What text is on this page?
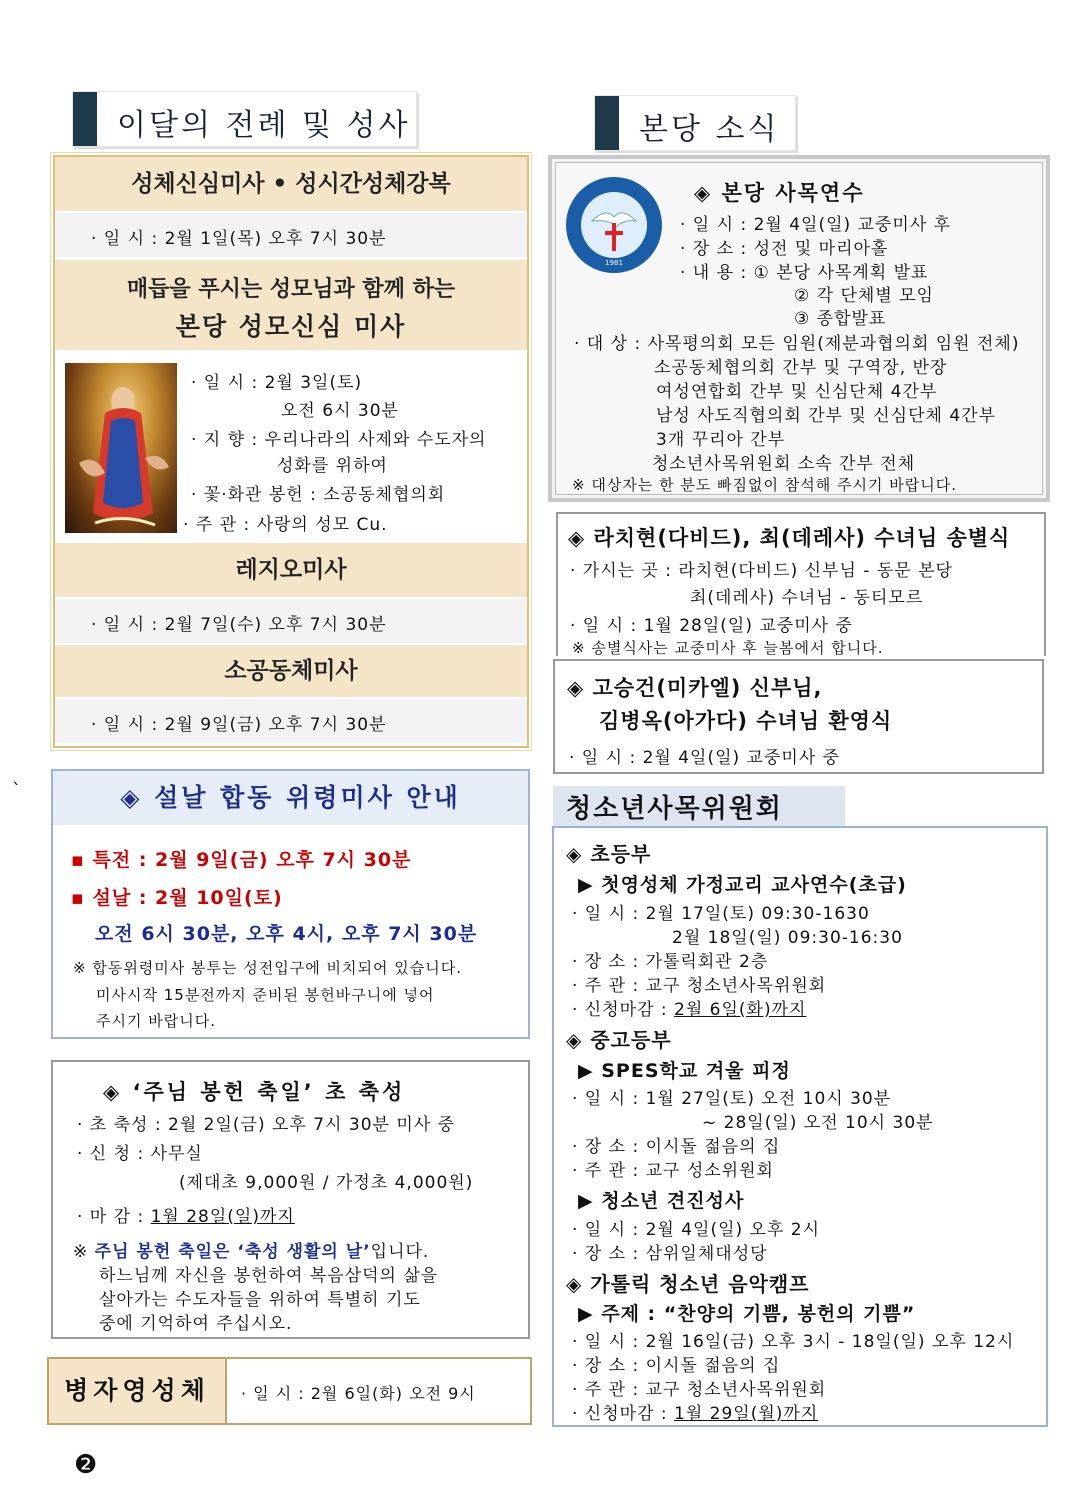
이달의 전례 및 성사
성체신심미사 • 성시간성체강복
· 일 시 : 2월 1일(목) 오후 7시 30분
매듭을 푸시는 성모님과 함께 하는
본당 성모신심 미사
· 일 시 : 2월 3일(토)
오전 6시 30분
· 지 향 : 우리나라의 사제와 수도자의
성화를 위하여
· 꽃·화관 봉헌 : 소공동체협의회
· 주 관 : 사랑의 성모 Cu.
레지오미사
· 일 시 : 2월 7일(수) 오후 7시 30분
소공동체미사
· 일 시 : 2월 9일(금) 오후 7시 30분
`	◈ 설날 합동 위령미사 안내
▪ 특전 : 2월 9일(금) 오후 7시 30분
▪ 설날 : 2월 10일(토)
오전 6시 30분, 오후 4시, 오후 7시 30분
※ 합동위령미사 봉투는 성전입구에 비치되어 있습니다.
미사시작 15분전까지 준비된 봉헌바구니에 넣어
주시기 바랍니다.
◈ ‘주님 봉헌 축일’ 초 축성
· 초 축성 : 2월 2일(금) 오후 7시 30분 미사 중
· 신 청 : 사무실
(제대초 9,000원 / 가정초 4,000원)
· 마 감 : 1월 28일(일)까지
※ 주님 봉헌 축일은 ‘축성 생활의 날’입니다.
하느님께 자신을 봉헌하여 복음삼덕의 삶을
살아가는 수도자들을 위하여 특별히 기도
중에 기억하여 주십시오.
병자영성체	· 일 시 : 2월 6일(화) 오전 9시
❷
본당 소식
1981
◈ 본당 사목연수
· 일 시 : 2월 4일(일) 교중미사 후
· 장 소 : 성전 및 마리아홀
· 내 용 : ① 본당 사목계획 발표
② 각 단체별 모임
③ 종합발표
· 대 상 : 사목평의회 모든 임원(제분과협의회 임원 전체)
소공동체협의회 간부 및 구역장, 반장
여성연합회 간부 및 신심단체 4간부
남성 사도직협의회 간부 및 신심단체 4간부
3개 꾸리아 간부
청소년사목위원회 소속 간부 전체
※ 대상자는 한 분도 빠짐없이 참석해 주시기 바랍니다.
◈ 라치현(다비드), 최(데레사) 수녀님 송별식
· 가시는 곳 : 라치현(다비드) 신부님 - 동문 본당
최(데레사) 수녀님 - 동티모르
· 일 시 : 1월 28일(일) 교중미사 중
※ 송별식사는 교중미사 후 늘봄에서 합니다.
◈ 고승건(미카엘) 신부님,
김병옥(아가다) 수녀님 환영식
· 일 시 : 2월 4일(일) 교중미사 중
청소년사목위원회
◈ 초등부
▶ 첫영성체 가정교리 교사연수(초급)
· 일 시 : 2월 17일(토) 09:30-1630
2월 18일(일) 09:30-16:30
· 장 소 : 가톨릭회관 2층
· 주 관 : 교구 청소년사목위원회
· 신청마감 : 2월 6일(화)까지
◈ 중고등부
▶ SPES학교 겨울 피정
· 일 시 : 1월 27일(토) 오전 10시 30분
~ 28일(일) 오전 10시 30분
· 장 소 : 이시돌 젊음의 집
· 주 관 : 교구 성소위원회
▶ 청소년 견진성사
· 일 시 : 2월 4일(일) 오후 2시
· 장 소 : 삼위일체대성당
◈ 가톨릭 청소년 음악캠프
▶ 주제 : “찬양의 기쁨, 봉헌의 기쁨”
· 일 시 : 2월 16일(금) 오후 3시 - 18일(일) 오후 12시
· 장 소 : 이시돌 젊음의 집
· 주 관 : 교구 청소년사목위원회
· 신청마감 : 1월 29일(월)까지
